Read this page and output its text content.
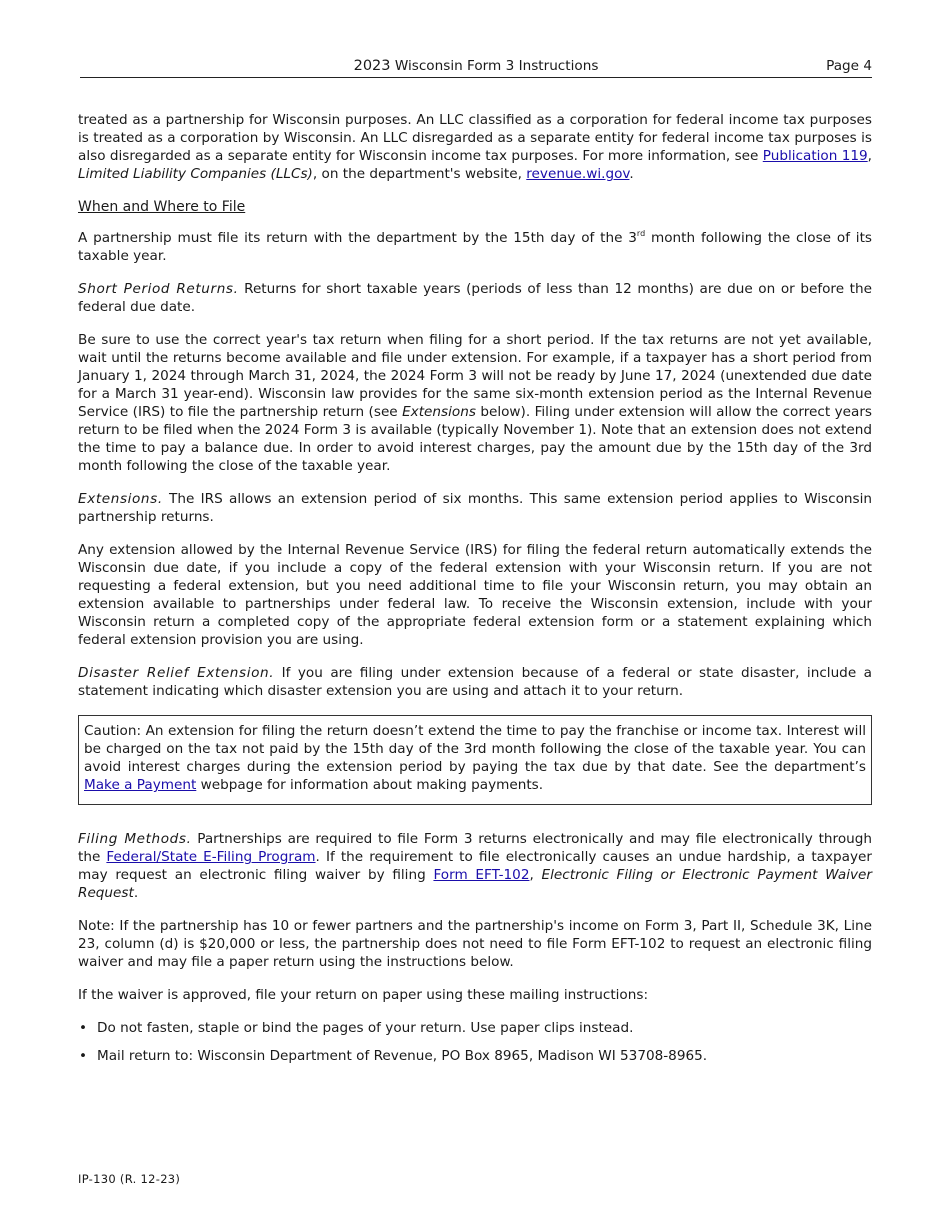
2023 Wisconsin Form 3 Instructions	Page 4

treated as a partnership for Wisconsin purposes. An LLC classified as a corporation for federal income tax purposes is treated as a corporation by Wisconsin. An LLC disregarded as a separate entity for federal income tax purposes is also disregarded as a separate entity for Wisconsin income tax purposes. For more information, see Publication 119, Limited Liability Companies (LLCs), on the department's website, revenue.wi.gov.

When and Where to File

A partnership must file its return with the department by the 15th day of the 3rd month following the close of its taxable year.

Short Period Returns. Returns for short taxable years (periods of less than 12 months) are due on or before the federal due date.

Be sure to use the correct year's tax return when filing for a short period. If the tax returns are not yet available, wait until the returns become available and file under extension. For example, if a taxpayer has a short period from January 1, 2024 through March 31, 2024, the 2024 Form 3 will not be ready by June 17, 2024 (unextended due date for a March 31 year-end). Wisconsin law provides for the same six-month extension period as the Internal Revenue Service (IRS) to file the partnership return (see Extensions below). Filing under extension will allow the correct years return to be filed when the 2024 Form 3 is available (typically November 1). Note that an extension does not extend the time to pay a balance due. In order to avoid interest charges, pay the amount due by the 15th day of the 3rd month following the close of the taxable year.

Extensions. The IRS allows an extension period of six months. This same extension period applies to Wisconsin partnership returns.

Any extension allowed by the Internal Revenue Service (IRS) for filing the federal return automatically extends the Wisconsin due date, if you include a copy of the federal extension with your Wisconsin return. If you are not requesting a federal extension, but you need additional time to file your Wisconsin return, you may obtain an extension available to partnerships under federal law. To receive the Wisconsin extension, include with your Wisconsin return a completed copy of the appropriate federal extension form or a statement explaining which federal extension provision you are using.

Disaster Relief Extension. If you are filing under extension because of a federal or state disaster, include a statement indicating which disaster extension you are using and attach it to your return.

Caution: An extension for filing the return doesn’t extend the time to pay the franchise or income tax. Interest will be charged on the tax not paid by the 15th day of the 3rd month following the close of the taxable year. You can avoid interest charges during the extension period by paying the tax due by that date. See the department’s Make a Payment webpage for information about making payments.

Filing Methods. Partnerships are required to file Form 3 returns electronically and may file electronically through the Federal/State E-Filing Program. If the requirement to file electronically causes an undue hardship, a taxpayer may request an electronic filing waiver by filing Form EFT-102, Electronic Filing or Electronic Payment Waiver Request.

Note: If the partnership has 10 or fewer partners and the partnership's income on Form 3, Part II, Schedule 3K, Line 23, column (d) is $20,000 or less, the partnership does not need to file Form EFT-102 to request an electronic filing waiver and may file a paper return using the instructions below.

If the waiver is approved, file your return on paper using these mailing instructions:

• Do not fasten, staple or bind the pages of your return. Use paper clips instead.
• Mail return to: Wisconsin Department of Revenue, PO Box 8965, Madison WI 53708-8965.
IP-130 (R. 12-23)
